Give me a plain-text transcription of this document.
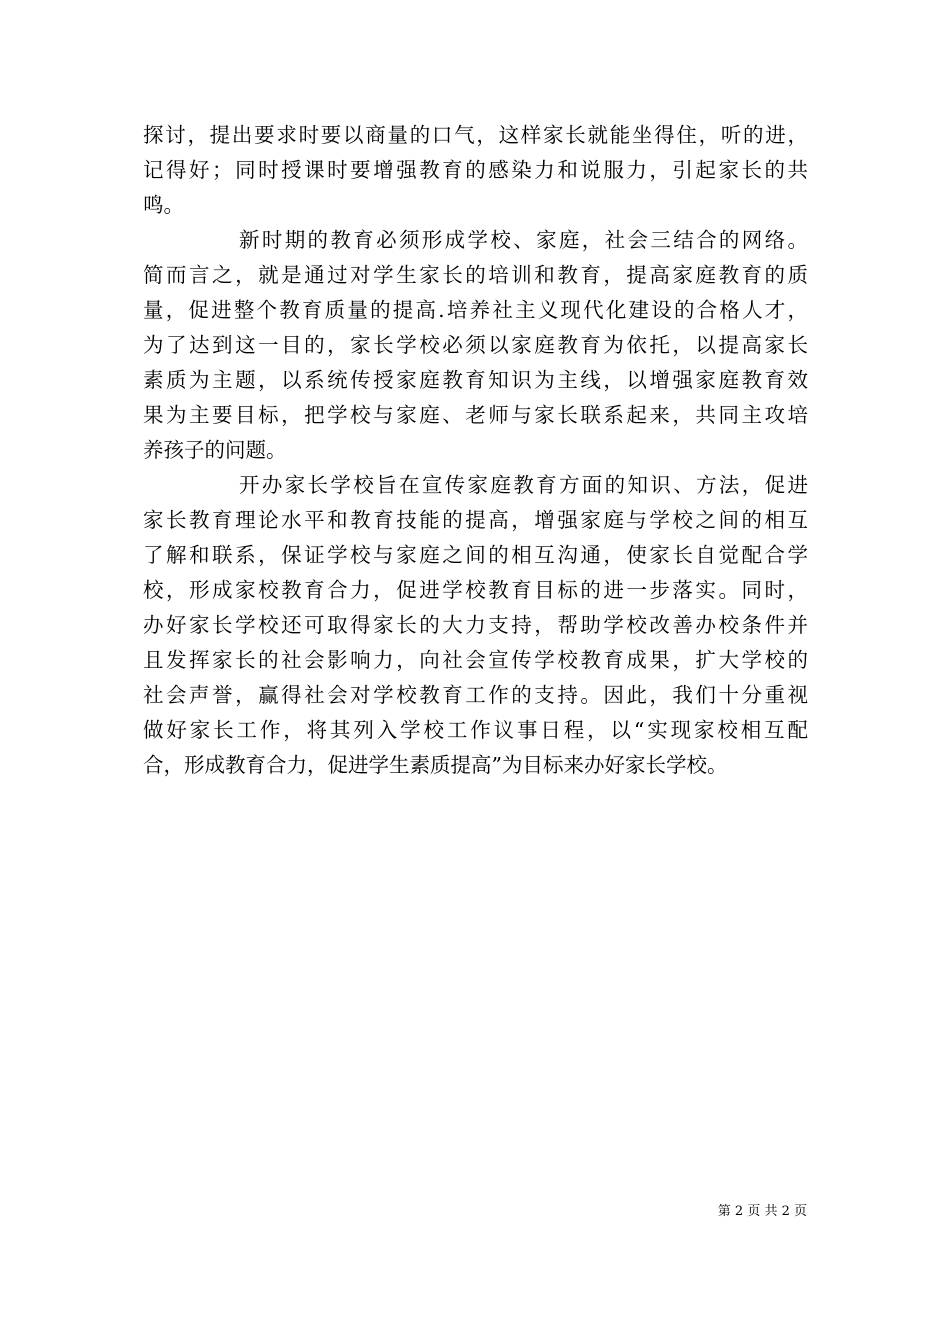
探讨，提出要求时要以商量的口气，这样家长就能坐得住，听的进，
记得好；同时授课时要增强教育的感染力和说服力，引起家长的共
鸣。
新时期的教育必须形成学校、家庭，社会三结合的网络。
简而言之，就是通过对学生家长的培训和教育，提高家庭教育的质
量，促进整个教育质量的提高.培养社主义现代化建设的合格人才，
为了达到这一目的，家长学校必须以家庭教育为依托，以提高家长
素质为主题，以系统传授家庭教育知识为主线，以增强家庭教育效
果为主要目标，把学校与家庭、老师与家长联系起来，共同主攻培
养孩子的问题。
开办家长学校旨在宣传家庭教育方面的知识、方法，促进
家长教育理论水平和教育技能的提高，增强家庭与学校之间的相互
了解和联系，保证学校与家庭之间的相互沟通，使家长自觉配合学
校，形成家校教育合力，促进学校教育目标的进一步落实。同时，
办好家长学校还可取得家长的大力支持，帮助学校改善办校条件并
且发挥家长的社会影响力，向社会宣传学校教育成果，扩大学校的
社会声誉，赢得社会对学校教育工作的支持。因此，我们十分重视
做好家长工作，将其列入学校工作议事日程，以“实现家校相互配
合，形成教育合力，促进学生素质提高”为目标来办好家长学校。
第 2 页 共 2 页
